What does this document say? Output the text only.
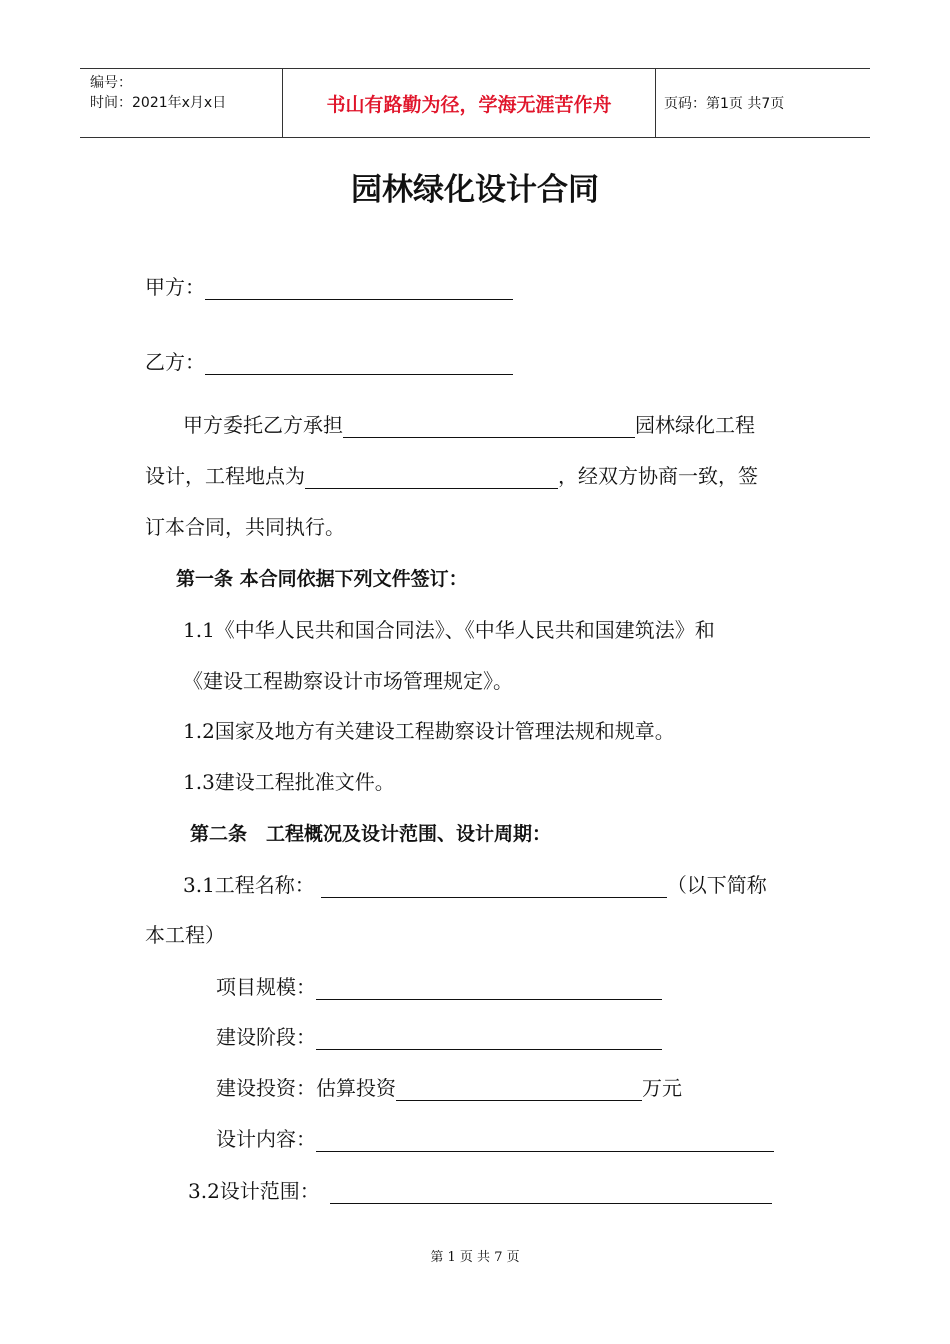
编号：
时间：2021年x月x日	书山有路勤为径，学海无涯苦作舟	页码：第1页 共7页
园林绿化设计合同
甲方：
乙方：
甲方委托乙方承担	园林绿化工程
设计，工程地点为	，经双方协商一致，签
订本合同，共同执行。
第一条 本合同依据下列文件签订：
1.1《中华人民共和国合同法》、《中华人民共和国建筑法》和
《建设工程勘察设计市场管理规定》。
1.2国家及地方有关建设工程勘察设计管理法规和规章。
1.3建设工程批准文件。
第二条　工程概况及设计范围、设计周期：
3.1工程名称：	（以下简称
本工程）
项目规模：
建设阶段：
建设投资：估算投资	万元
设计内容：
3.2设计范围：
第 1 页 共 7 页
